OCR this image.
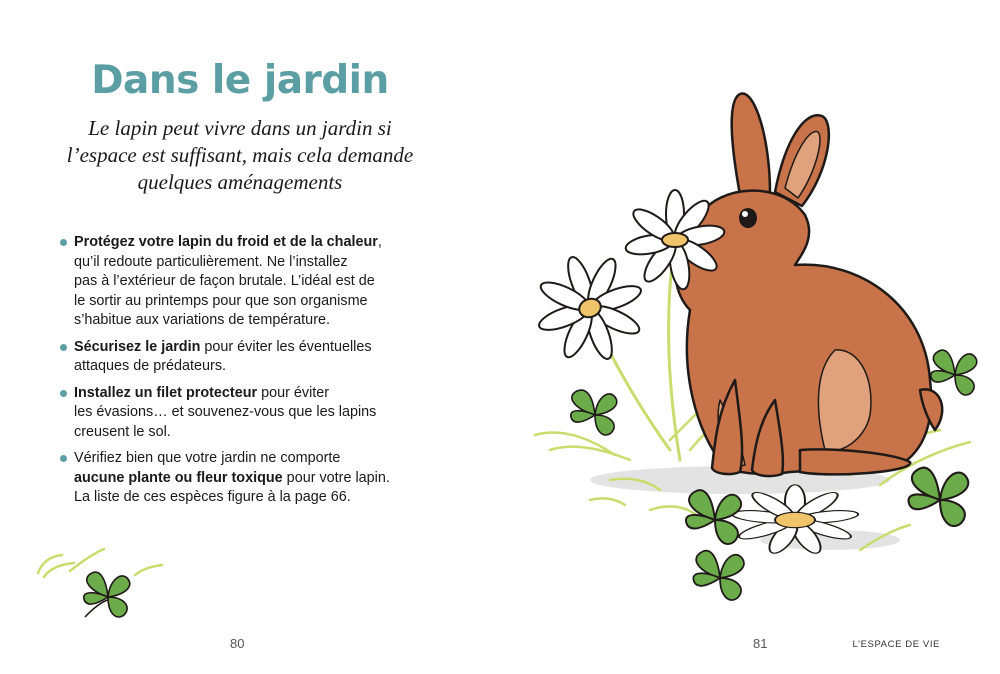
Dans le jardin

Le lapin peut vivre dans un jardin si
l’espace est suffisant, mais cela demande
quelques aménagements

Protégez votre lapin du froid et de la chaleur,
qu’il redoute particulièrement. Ne l’installez
pas à l’extérieur de façon brutale. L’idéal est de
le sortir au printemps pour que son organisme
s’habitue aux variations de température.
Sécurisez le jardin pour éviter les éventuelles
attaques de prédateurs.
Installez un filet protecteur pour éviter
les évasions… et souvenez-vous que les lapins
creusent le sol.
Vérifiez bien que votre jardin ne comporte
aucune plante ou fleur toxique pour votre lapin.
La liste de ces espèces figure à la page 66.
80	81	L’ESPACE DE VIE
